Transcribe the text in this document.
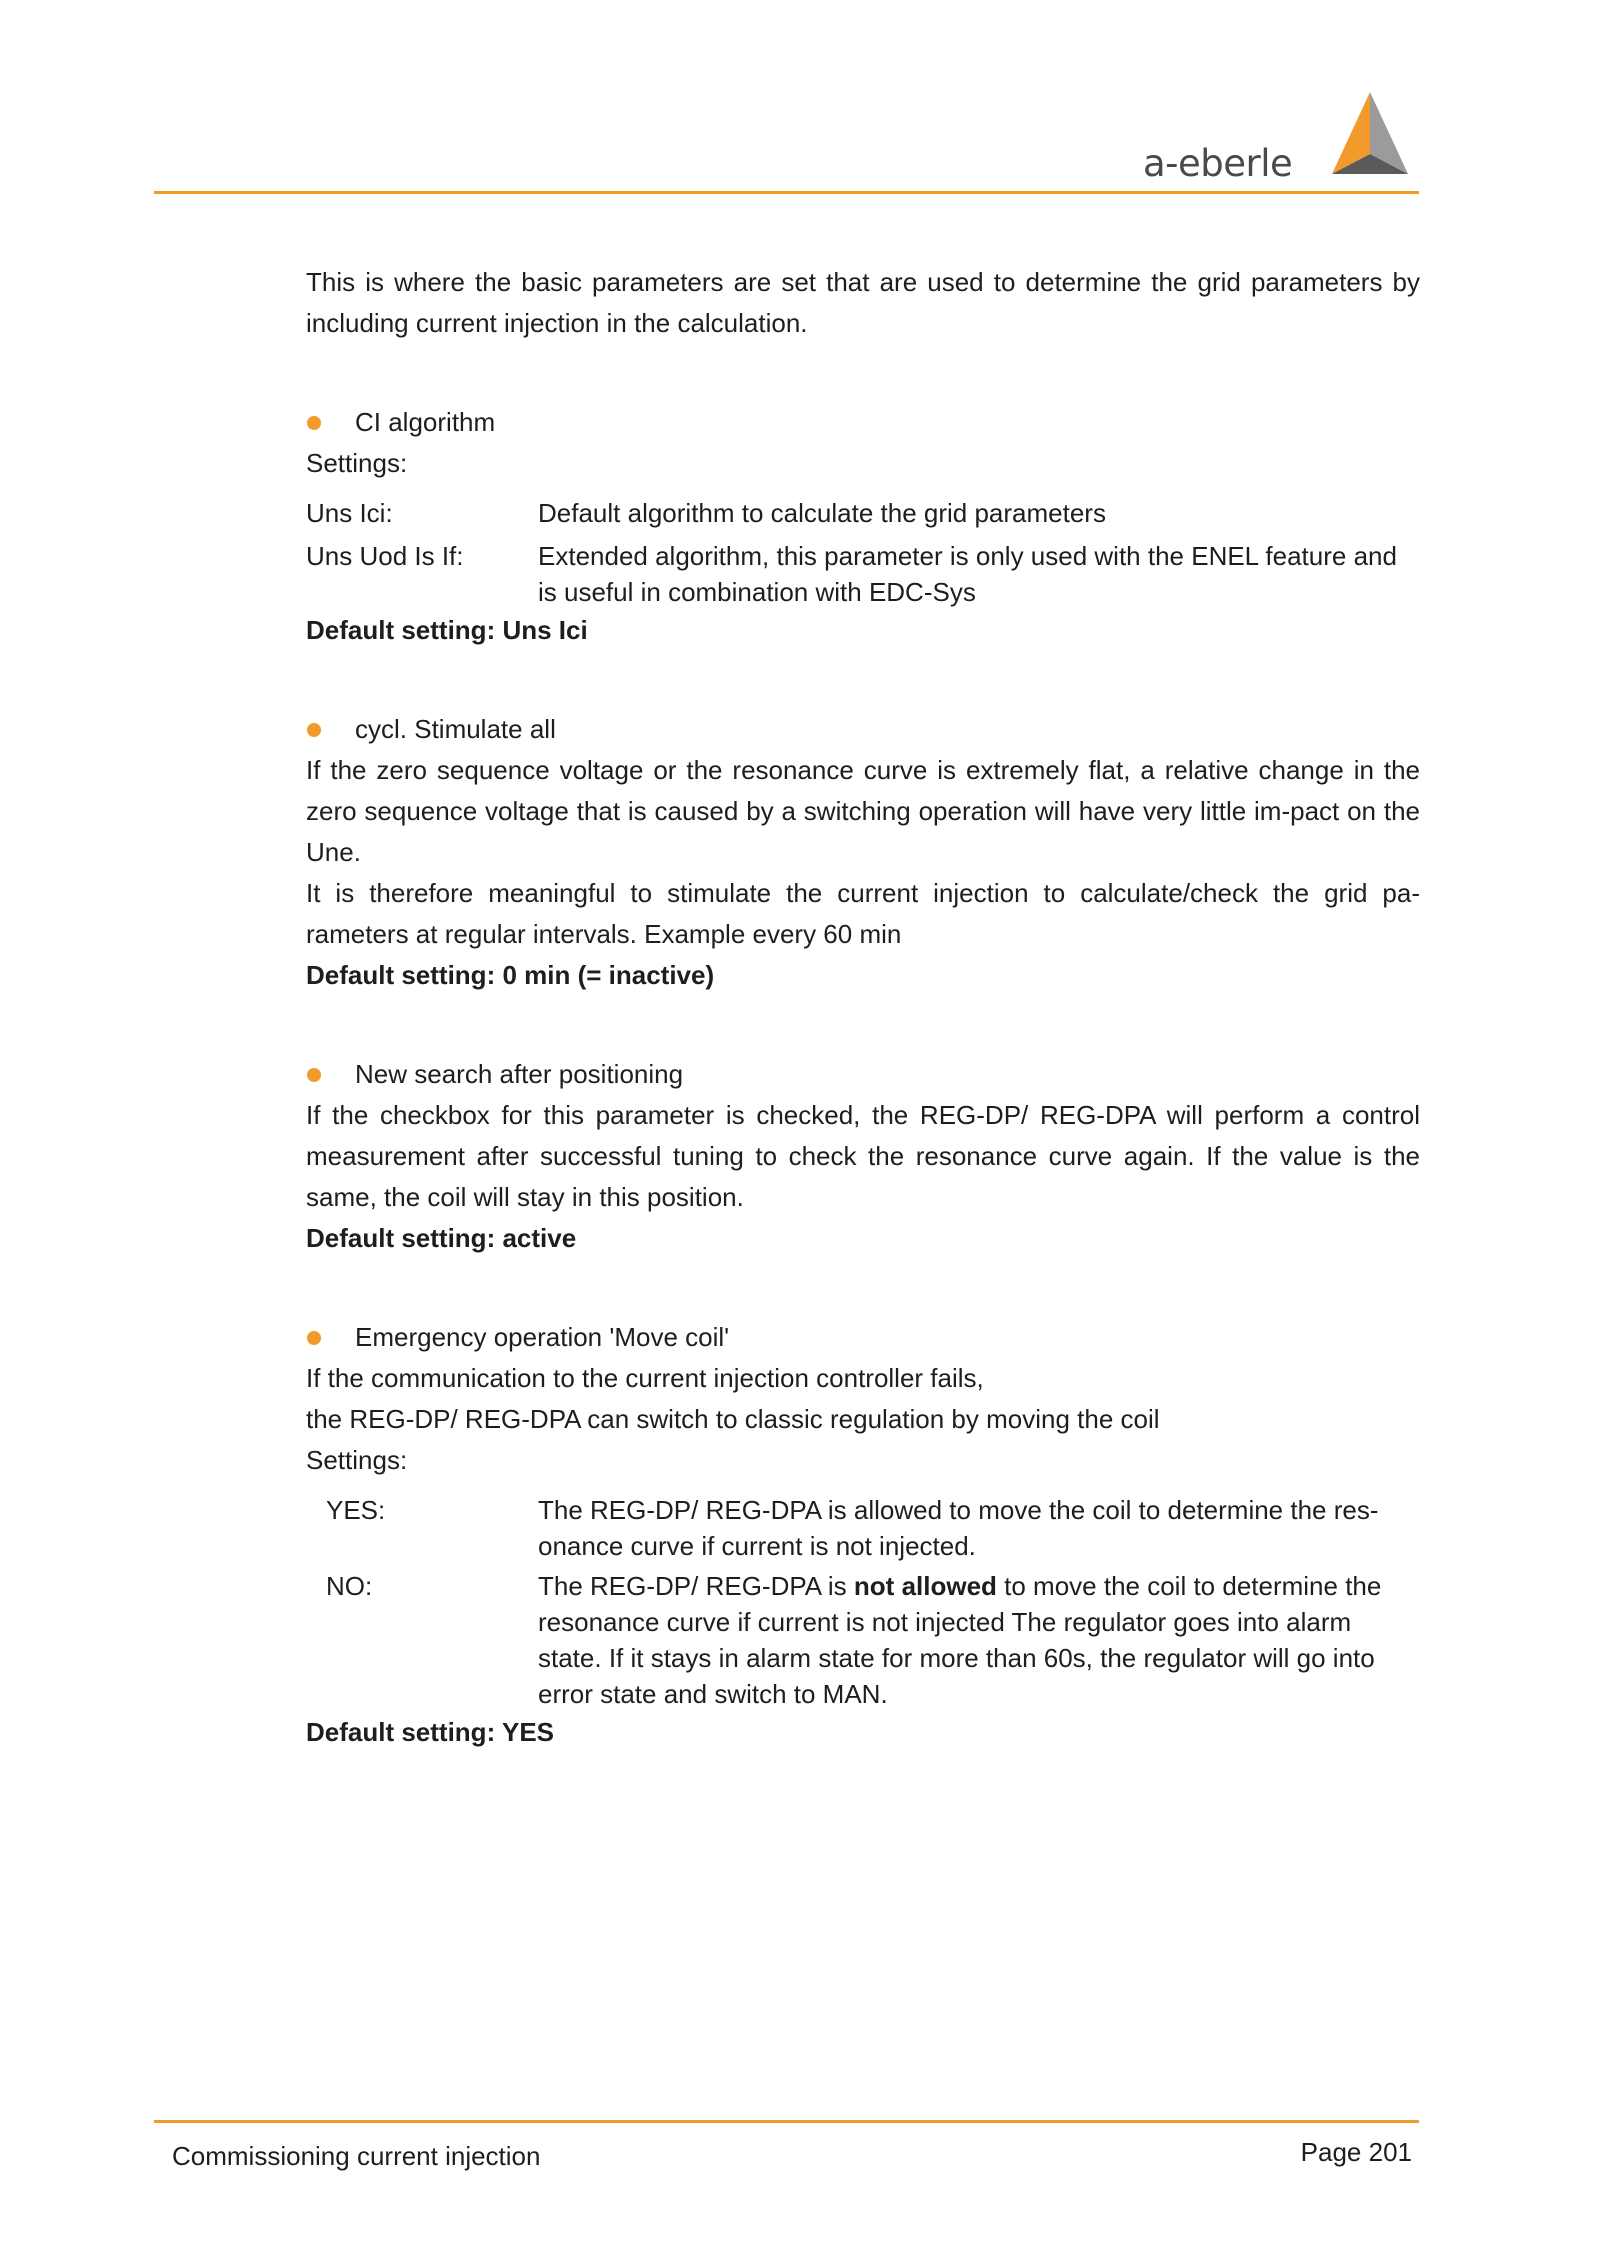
a-eberle

This is where the basic parameters are set that are used to determine the grid parameters by including current injection in the calculation.

CI algorithm

Settings:

Uns Ici:	Default algorithm to calculate the grid parameters
Uns Uod Is If:	Extended algorithm, this parameter is only used with the ENEL feature and is useful in combination with EDC-Sys

Default setting: Uns Ici

cycl. Stimulate all

If the zero sequence voltage or the resonance curve is extremely flat, a relative change in the zero sequence voltage that is caused by a switching operation will have very little im-pact on the Une.

It is therefore meaningful to stimulate the current injection to calculate/check the grid pa-rameters at regular intervals. Example every 60 min

Default setting: 0 min (= inactive)

New search after positioning

If the checkbox for this parameter is checked, the REG-DP/ REG-DPA will perform a control measurement after successful tuning to check the resonance curve again. If the value is the same, the coil will stay in this position.

Default setting: active

Emergency operation 'Move coil'

If the communication to the current injection controller fails,

the REG-DP/ REG-DPA can switch to classic regulation by moving the coil

Settings:

YES:	The REG-DP/ REG-DPA is allowed to move the coil to determine the res-onance curve if current is not injected.
NO:	The REG-DP/ REG-DPA is not allowed to move the coil to determine the resonance curve if current is not injected The regulator goes into alarm state. If it stays in alarm state for more than 60s, the regulator will go into error state and switch to MAN.

Default setting: YES

Commissioning current injection	Page 201
